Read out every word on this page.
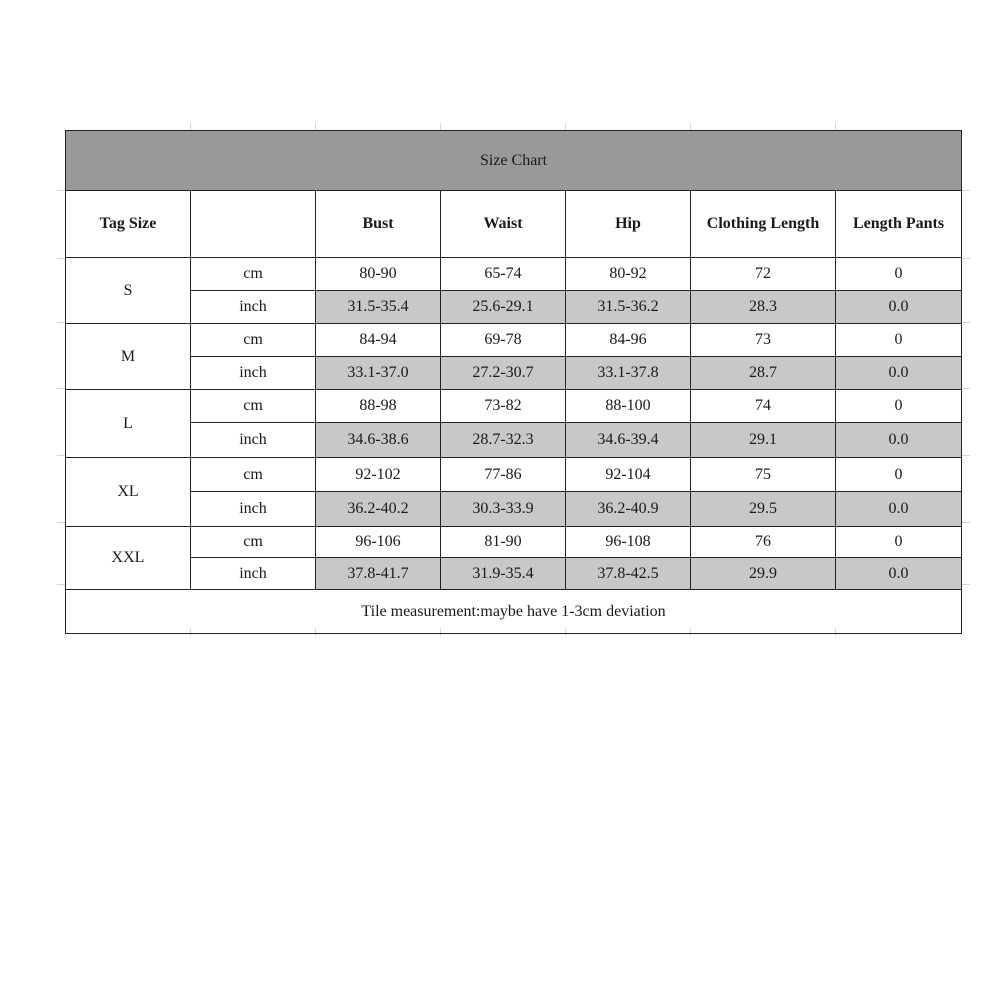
Size Chart						
Tag Size		Bust	Waist	Hip	Clothing Length	Length Pants
S	cm	80-90	65-74	80-92	72	0
	inch	31.5-35.4	25.6-29.1	31.5-36.2	28.3	0.0
M	cm	84-94	69-78	84-96	73	0
	inch	33.1-37.0	27.2-30.7	33.1-37.8	28.7	0.0
L	cm	88-98	73-82	88-100	74	0
	inch	34.6-38.6	28.7-32.3	34.6-39.4	29.1	0.0
XL	cm	92-102	77-86	92-104	75	0
	inch	36.2-40.2	30.3-33.9	36.2-40.9	29.5	0.0
XXL	cm	96-106	81-90	96-108	76	0
	inch	37.8-41.7	31.9-35.4	37.8-42.5	29.9	0.0
Tile measurement:maybe have 1-3cm deviation						
